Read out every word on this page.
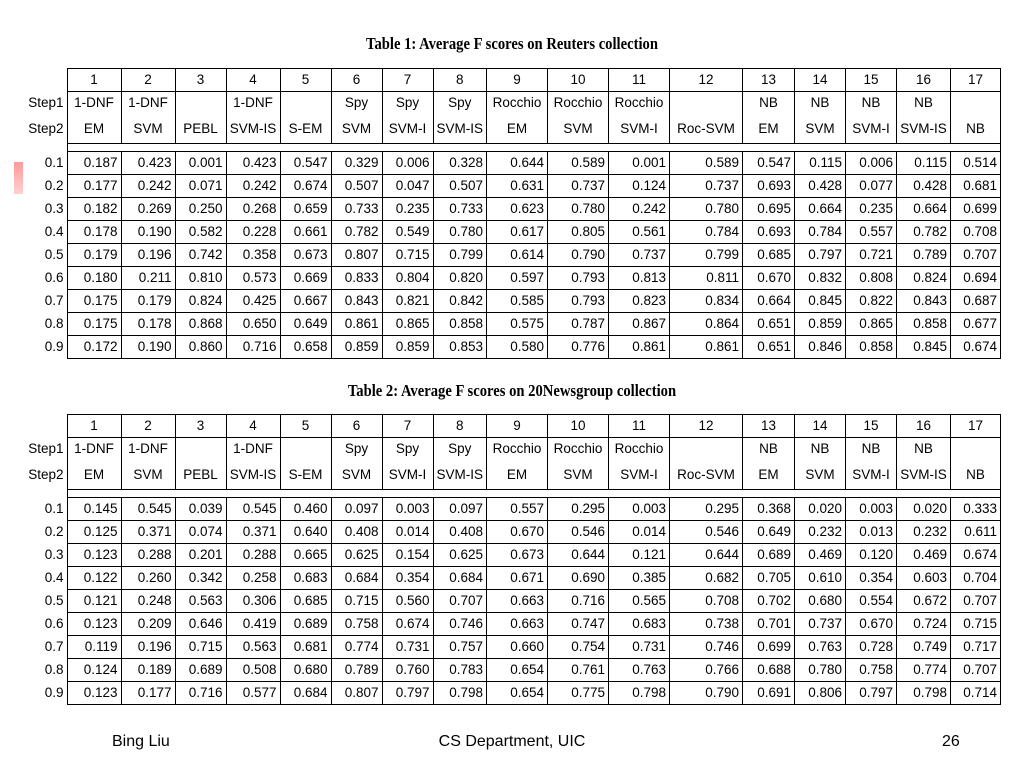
Table 1: Average F scores on Reuters collection
	1	2	3	4	5	6	7	8	9	10	11	12	13	14	15	16	17
Step1	1-DNF	1-DNF		1-DNF		Spy	Spy	Spy	Rocchio	Rocchio	Rocchio		NB	NB	NB	NB	
Step2	EM	SVM	PEBL	SVM-IS	S-EM	SVM	SVM-I	SVM-IS	EM	SVM	SVM-I	Roc-SVM	EM	SVM	SVM-I	SVM-IS	NB

0.1	0.187	0.423	0.001	0.423	0.547	0.329	0.006	0.328	0.644	0.589	0.001	0.589	0.547	0.115	0.006	0.115	0.514
0.2	0.177	0.242	0.071	0.242	0.674	0.507	0.047	0.507	0.631	0.737	0.124	0.737	0.693	0.428	0.077	0.428	0.681
0.3	0.182	0.269	0.250	0.268	0.659	0.733	0.235	0.733	0.623	0.780	0.242	0.780	0.695	0.664	0.235	0.664	0.699
0.4	0.178	0.190	0.582	0.228	0.661	0.782	0.549	0.780	0.617	0.805	0.561	0.784	0.693	0.784	0.557	0.782	0.708
0.5	0.179	0.196	0.742	0.358	0.673	0.807	0.715	0.799	0.614	0.790	0.737	0.799	0.685	0.797	0.721	0.789	0.707
0.6	0.180	0.211	0.810	0.573	0.669	0.833	0.804	0.820	0.597	0.793	0.813	0.811	0.670	0.832	0.808	0.824	0.694
0.7	0.175	0.179	0.824	0.425	0.667	0.843	0.821	0.842	0.585	0.793	0.823	0.834	0.664	0.845	0.822	0.843	0.687
0.8	0.175	0.178	0.868	0.650	0.649	0.861	0.865	0.858	0.575	0.787	0.867	0.864	0.651	0.859	0.865	0.858	0.677
0.9	0.172	0.190	0.860	0.716	0.658	0.859	0.859	0.853	0.580	0.776	0.861	0.861	0.651	0.846	0.858	0.845	0.674
Table 2: Average F scores on 20Newsgroup collection
	1	2	3	4	5	6	7	8	9	10	11	12	13	14	15	16	17
Step1	1-DNF	1-DNF		1-DNF		Spy	Spy	Spy	Rocchio	Rocchio	Rocchio		NB	NB	NB	NB	
Step2	EM	SVM	PEBL	SVM-IS	S-EM	SVM	SVM-I	SVM-IS	EM	SVM	SVM-I	Roc-SVM	EM	SVM	SVM-I	SVM-IS	NB

0.1	0.145	0.545	0.039	0.545	0.460	0.097	0.003	0.097	0.557	0.295	0.003	0.295	0.368	0.020	0.003	0.020	0.333
0.2	0.125	0.371	0.074	0.371	0.640	0.408	0.014	0.408	0.670	0.546	0.014	0.546	0.649	0.232	0.013	0.232	0.611
0.3	0.123	0.288	0.201	0.288	0.665	0.625	0.154	0.625	0.673	0.644	0.121	0.644	0.689	0.469	0.120	0.469	0.674
0.4	0.122	0.260	0.342	0.258	0.683	0.684	0.354	0.684	0.671	0.690	0.385	0.682	0.705	0.610	0.354	0.603	0.704
0.5	0.121	0.248	0.563	0.306	0.685	0.715	0.560	0.707	0.663	0.716	0.565	0.708	0.702	0.680	0.554	0.672	0.707
0.6	0.123	0.209	0.646	0.419	0.689	0.758	0.674	0.746	0.663	0.747	0.683	0.738	0.701	0.737	0.670	0.724	0.715
0.7	0.119	0.196	0.715	0.563	0.681	0.774	0.731	0.757	0.660	0.754	0.731	0.746	0.699	0.763	0.728	0.749	0.717
0.8	0.124	0.189	0.689	0.508	0.680	0.789	0.760	0.783	0.654	0.761	0.763	0.766	0.688	0.780	0.758	0.774	0.707
0.9	0.123	0.177	0.716	0.577	0.684	0.807	0.797	0.798	0.654	0.775	0.798	0.790	0.691	0.806	0.797	0.798	0.714
Bing Liu	CS Department, UIC	26
